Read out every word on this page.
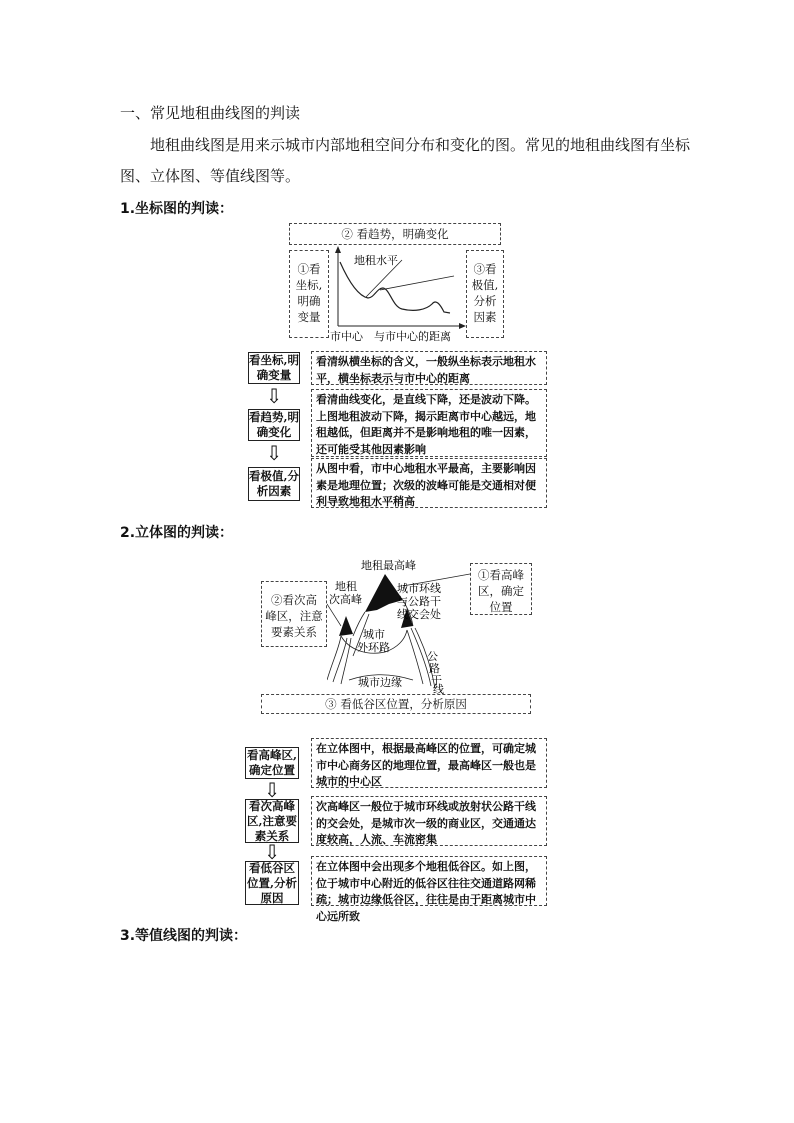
一、常见地租曲线图的判读
地租曲线图是用来示城市内部地租空间分布和变化的图。常见的地租曲线图有坐标图、立体图、等值线图等。
1.坐标图的判读：
② 看趋势，明确变化
①看
坐标,
明确
变量
③看
极值,
分析
因素
地租水平
市中心 与市中心的距离
看坐标,明确变量
看清纵横坐标的含义，一般纵坐标表示地租水平，横坐标表示与市中心的距离
⇩
看趋势,明确变化
看清曲线变化，是直线下降，还是波动下降。上图地租波动下降，揭示距离市中心越远，地租越低，但距离并不是影响地租的唯一因素，还可能受其他因素影响
⇩
看极值,分析因素
从图中看，市中心地租水平最高，主要影响因素是地理位置；次级的波峰可能是交通相对便利导致地租水平稍高
2.立体图的判读：
①看高峰
区，确定
位置
②看次高
峰区，注意
要素关系
地租最高峰
地租
次高峰
城市环线
与公路干
线交会处
城市
外环路
城市边缘
公
路
干
线
③ 看低谷区位置，分析原因
看高峰区,确定位置
在立体图中，根据最高峰区的位置，可确定城市中心商务区的地理位置，最高峰区一般也是城市的中心区
⇩
看次高峰区,注意要素关系
次高峰区一般位于城市环线或放射状公路干线的交会处，是城市次一级的商业区，交通通达度较高，人流、车流密集
⇩
看低谷区位置,分析原因
在立体图中会出现多个地租低谷区。如上图，位于城市中心附近的低谷区往往交通道路网稀疏；城市边缘低谷区，往往是由于距离城市中心远所致
3.等值线图的判读：
